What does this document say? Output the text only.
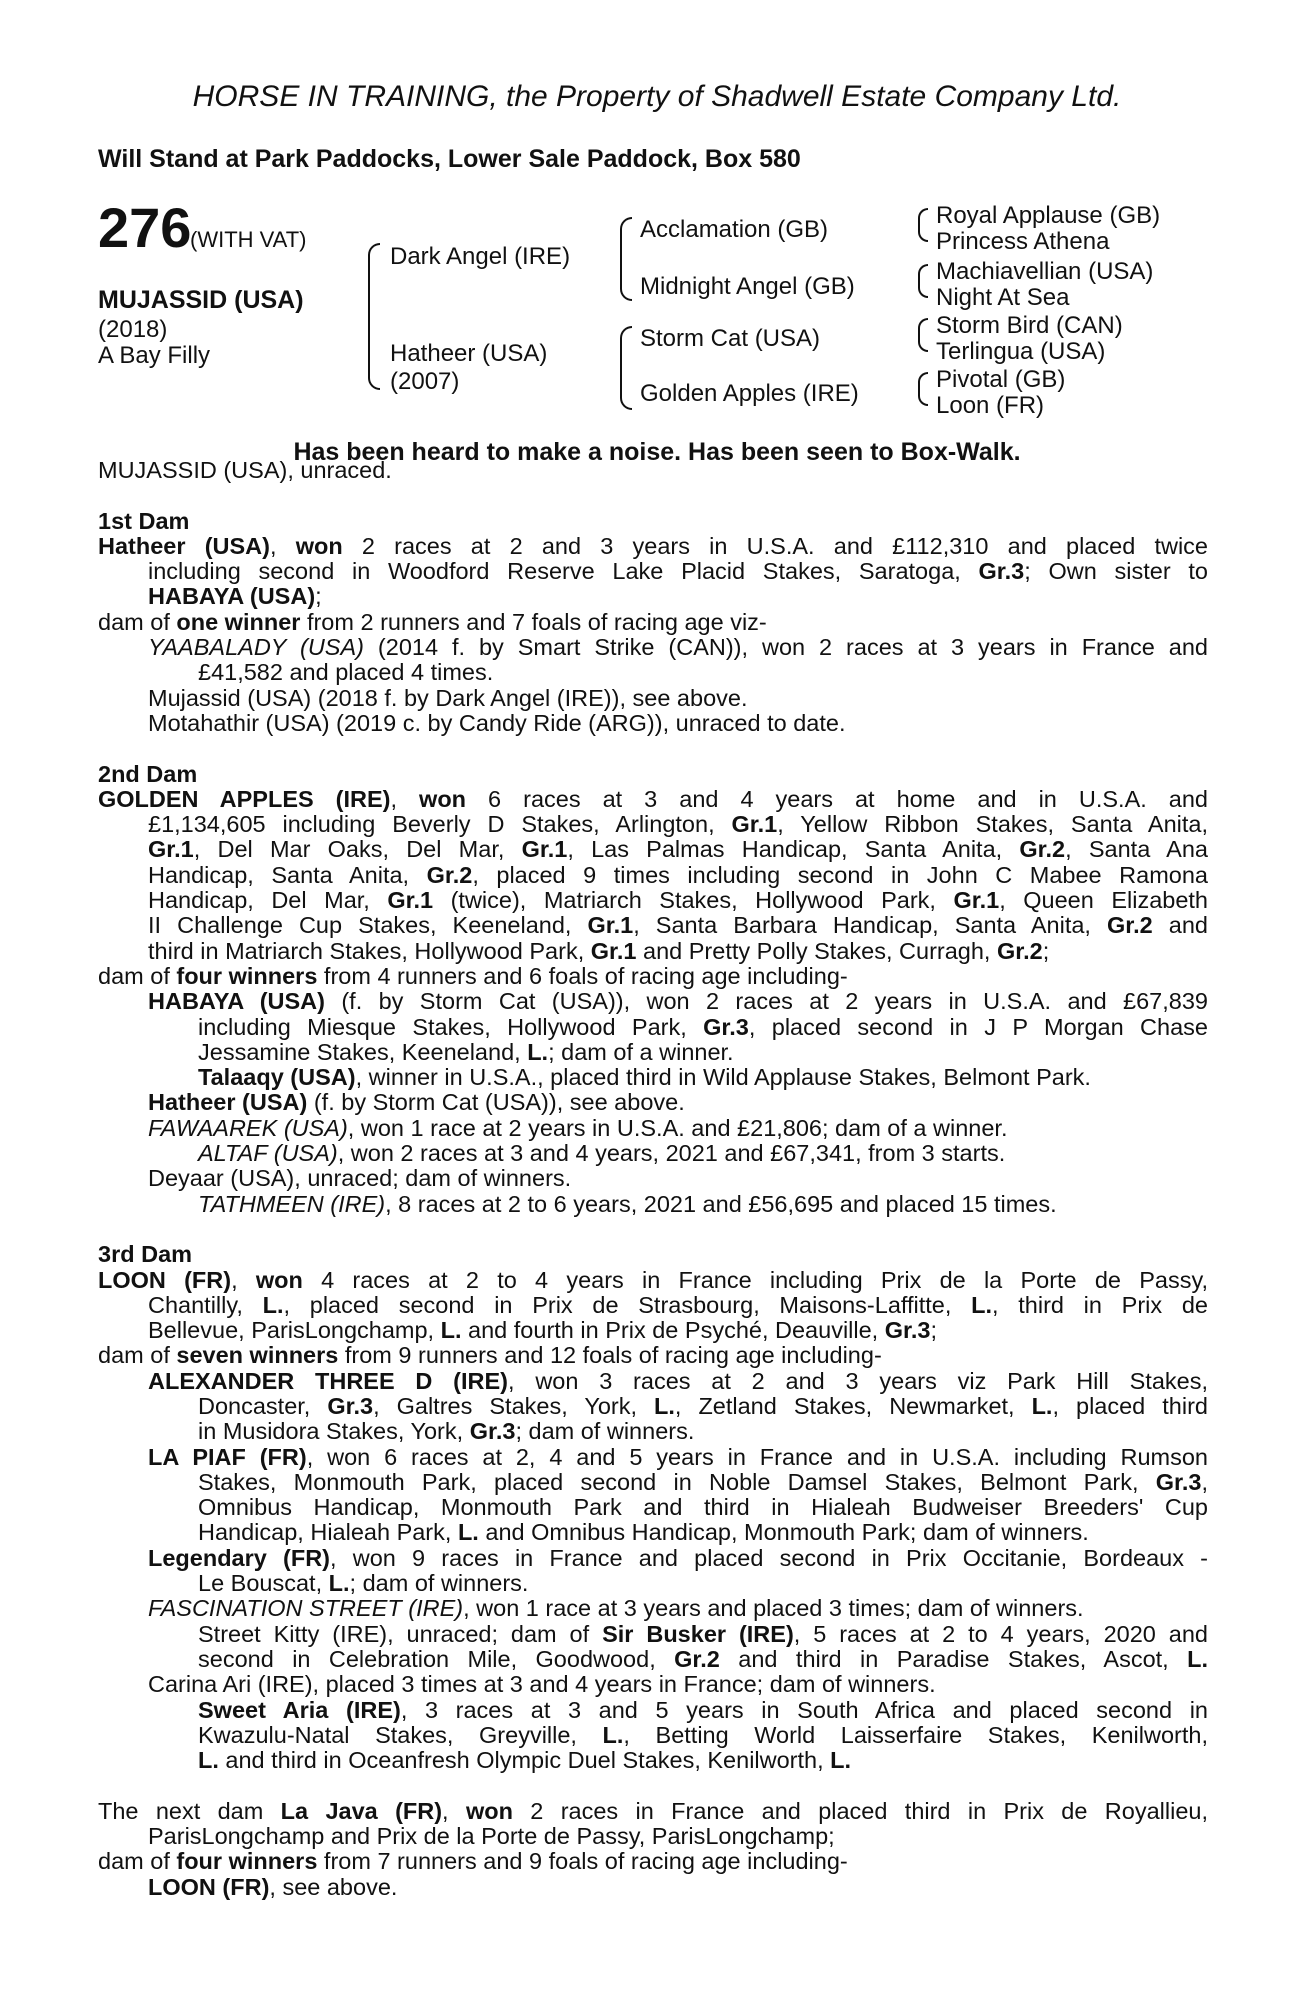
HORSE IN TRAINING, the Property of Shadwell Estate Company Ltd.
Will Stand at Park Paddocks, Lower Sale Paddock, Box 580
276
(WITH VAT)
MUJASSID (USA)
(2018)
A Bay Filly
Dark Angel (IRE)
Hatheer (USA)
(2007)
Acclamation (GB)
Midnight Angel (GB)
Storm Cat (USA)
Golden Apples (IRE)
Royal Applause (GB)
Princess Athena
Machiavellian (USA)
Night At Sea
Storm Bird (CAN)
Terlingua (USA)
Pivotal (GB)
Loon (FR)
Has been heard to make a noise. Has been seen to Box-Walk.
MUJASSID (USA), unraced.
1st Dam
Hatheer (USA), won 2 races at 2 and 3 years in U.S.A. and £112,310 and placed twice
including second in Woodford Reserve Lake Placid Stakes, Saratoga, Gr.3; Own sister to
HABAYA (USA);
dam of one winner from 2 runners and 7 foals of racing age viz-
YAABALADY (USA) (2014 f. by Smart Strike (CAN)), won 2 races at 3 years in France and
£41,582 and placed 4 times.
Mujassid (USA) (2018 f. by Dark Angel (IRE)), see above.
Motahathir (USA) (2019 c. by Candy Ride (ARG)), unraced to date.
2nd Dam
GOLDEN APPLES (IRE), won 6 races at 3 and 4 years at home and in U.S.A. and
£1,134,605 including Beverly D Stakes, Arlington, Gr.1, Yellow Ribbon Stakes, Santa Anita,
Gr.1, Del Mar Oaks, Del Mar, Gr.1, Las Palmas Handicap, Santa Anita, Gr.2, Santa Ana
Handicap, Santa Anita, Gr.2, placed 9 times including second in John C Mabee Ramona
Handicap, Del Mar, Gr.1 (twice), Matriarch Stakes, Hollywood Park, Gr.1, Queen Elizabeth
II Challenge Cup Stakes, Keeneland, Gr.1, Santa Barbara Handicap, Santa Anita, Gr.2 and
third in Matriarch Stakes, Hollywood Park, Gr.1 and Pretty Polly Stakes, Curragh, Gr.2;
dam of four winners from 4 runners and 6 foals of racing age including-
HABAYA (USA) (f. by Storm Cat (USA)), won 2 races at 2 years in U.S.A. and £67,839
including Miesque Stakes, Hollywood Park, Gr.3, placed second in J P Morgan Chase
Jessamine Stakes, Keeneland, L.; dam of a winner.
Talaaqy (USA), winner in U.S.A., placed third in Wild Applause Stakes, Belmont Park.
Hatheer (USA) (f. by Storm Cat (USA)), see above.
FAWAAREK (USA), won 1 race at 2 years in U.S.A. and £21,806; dam of a winner.
ALTAF (USA), won 2 races at 3 and 4 years, 2021 and £67,341, from 3 starts.
Deyaar (USA), unraced; dam of winners.
TATHMEEN (IRE), 8 races at 2 to 6 years, 2021 and £56,695 and placed 15 times.
3rd Dam
LOON (FR), won 4 races at 2 to 4 years in France including Prix de la Porte de Passy,
Chantilly, L., placed second in Prix de Strasbourg, Maisons-Laffitte, L., third in Prix de
Bellevue, ParisLongchamp, L. and fourth in Prix de Psyché, Deauville, Gr.3;
dam of seven winners from 9 runners and 12 foals of racing age including-
ALEXANDER THREE D (IRE), won 3 races at 2 and 3 years viz Park Hill Stakes,
Doncaster, Gr.3, Galtres Stakes, York, L., Zetland Stakes, Newmarket, L., placed third
in Musidora Stakes, York, Gr.3; dam of winners.
LA PIAF (FR), won 6 races at 2, 4 and 5 years in France and in U.S.A. including Rumson
Stakes, Monmouth Park, placed second in Noble Damsel Stakes, Belmont Park, Gr.3,
Omnibus Handicap, Monmouth Park and third in Hialeah Budweiser Breeders' Cup
Handicap, Hialeah Park, L. and Omnibus Handicap, Monmouth Park; dam of winners.
Legendary (FR), won 9 races in France and placed second in Prix Occitanie, Bordeaux -
Le Bouscat, L.; dam of winners.
FASCINATION STREET (IRE), won 1 race at 3 years and placed 3 times; dam of winners.
Street Kitty (IRE), unraced; dam of Sir Busker (IRE), 5 races at 2 to 4 years, 2020 and
second in Celebration Mile, Goodwood, Gr.2 and third in Paradise Stakes, Ascot, L.
Carina Ari (IRE), placed 3 times at 3 and 4 years in France; dam of winners.
Sweet Aria (IRE), 3 races at 3 and 5 years in South Africa and placed second in
Kwazulu-Natal Stakes, Greyville, L., Betting World Laisserfaire Stakes, Kenilworth,
L. and third in Oceanfresh Olympic Duel Stakes, Kenilworth, L.
The next dam La Java (FR), won 2 races in France and placed third in Prix de Royallieu,
ParisLongchamp and Prix de la Porte de Passy, ParisLongchamp;
dam of four winners from 7 runners and 9 foals of racing age including-
LOON (FR), see above.
